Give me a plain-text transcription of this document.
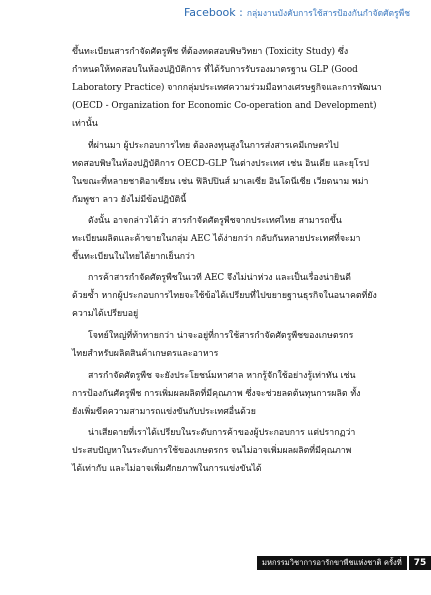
Facebook : กลุ่มงานบังคับการใช้สารป้องกันกำจัดศัตรูพืช
ขึ้นทะเบียนสารกำจัดศัตรูพืช ที่ต้องทดสอบพิษวิทยา (Toxicity Study) ซึ่ง
กำหนดให้ทดสอบในห้องปฏิบัติการ ที่ได้รับการรับรองมาตรฐาน GLP (Good
Laboratory Practice) จากกลุ่มประเทศความร่วมมือทางเศรษฐกิจและการพัฒนา
(OECD - Organization for Economic Co-operation and Development)
เท่านั้น
ที่ผ่านมา ผู้ประกอบการไทย ต้องลงทุนสูงในการส่งสารเคมีเกษตรไป
ทดสอบพิษในห้องปฏิบัติการ OECD-GLP ในต่างประเทศ เช่น อินเดีย และยุโรป
ในขณะที่หลายชาติอาเซียน เช่น ฟิลิปปินส์ มาเลเซีย อินโดนีเซีย เวียดนาม พม่า
กัมพูชา ลาว ยังไม่มีข้อปฏิบัตินี้
ดังนั้น อาจกล่าวได้ว่า สารกำจัดศัตรูพืชจากประเทศไทย สามารถขึ้น
ทะเบียนผลิตและค้าขายในกลุ่ม AEC ได้ง่ายกว่า กลับกันหลายประเทศที่จะมา
ขึ้นทะเบียนในไทยได้ยากเย็นกว่า
การค้าสารกำจัดศัตรูพืชในเวที AEC จึงไม่น่าห่วง และเป็นเรื่องน่ายินดี
ด้วยซ้ำ หากผู้ประกอบการไทยจะใช้ข้อได้เปรียบที่ไปขยายฐานธุรกิจในอนาคตที่ยัง
ความได้เปรียบอยู่
โจทย์ใหญ่ที่ท้าทายกว่า น่าจะอยู่ที่การใช้สารกำจัดศัตรูพืชของเกษตรกร
ไทยสำหรับผลิตสินค้าเกษตรและอาหาร
สารกำจัดศัตรูพืช จะยังประโยชน์มหาศาล หากรู้จักใช้อย่างรู้เท่าทัน เช่น
การป้องกันศัตรูพืช การเพิ่มผลผลิตที่มีคุณภาพ ซึ่งจะช่วยลดต้นทุนการผลิต ทั้ง
ยังเพิ่มขีดความสามารถแข่งขันกับประเทศอื่นด้วย
น่าเสียดายที่เราได้เปรียบในระดับการค้าของผู้ประกอบการ แต่ปรากฏว่า
ประสบปัญหาในระดับการใช้ของเกษตรกร จนไม่อาจเพิ่มผลผลิตที่มีคุณภาพ
ได้เท่ากับ และไม่อาจเพิ่มศักยภาพในการแข่งขันได้
มหกรรมวิชาการอารักขาพืชแห่งชาติ ครั้งที่	75
